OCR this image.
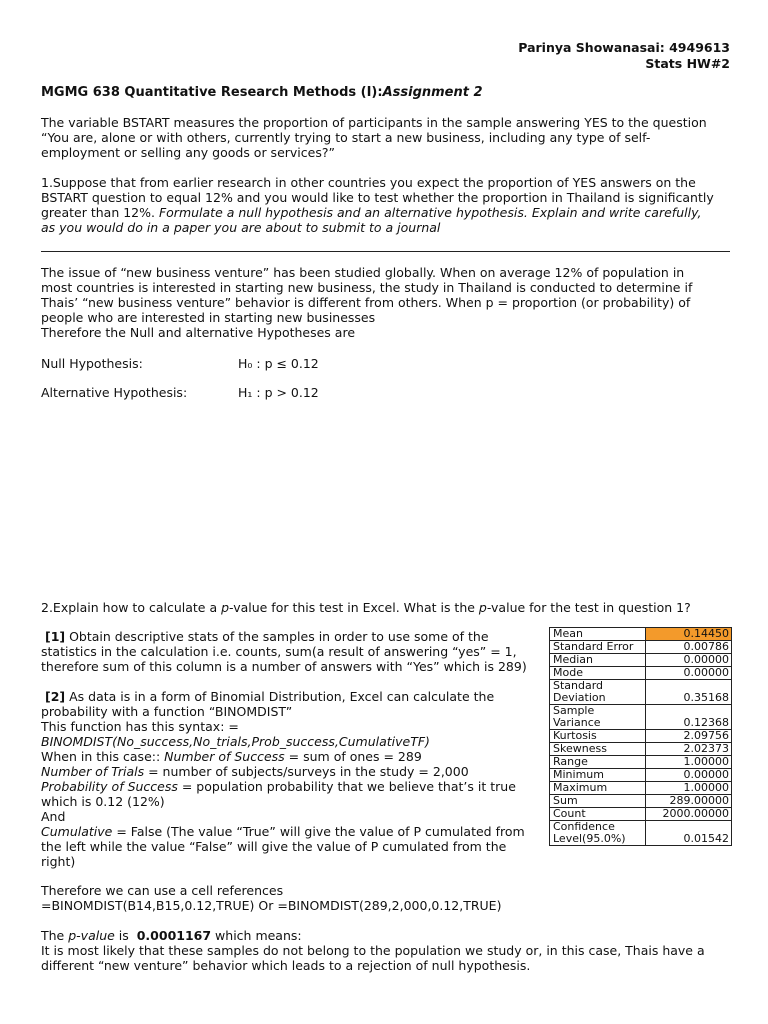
Parinya Showanasai: 4949613
Stats HW#2
MGMG 638 Quantitative Research Methods (I):Assignment 2
The variable BSTART measures the proportion of participants in the sample answering YES to the question
“You are, alone or with others, currently trying to start a new business, including any type of self-
employment or selling any goods or services?”
1.Suppose that from earlier research in other countries you expect the proportion of YES answers on the
BSTART question to equal 12% and you would like to test whether the proportion in Thailand is significantly
greater than 12%. Formulate a null hypothesis and an alternative hypothesis. Explain and write carefully,
as you would do in a paper you are about to submit to a journal
The issue of “new business venture” has been studied globally. When on average 12% of population in
most countries is interested in starting new business, the study in Thailand is conducted to determine if
Thais’ “new business venture” behavior is different from others. When p = proportion (or probability) of
people who are interested in starting new businesses
Therefore the Null and alternative Hypotheses are
Null Hypothesis:	H₀ : p ≤ 0.12
Alternative Hypothesis:	H₁ : p > 0.12
2.Explain how to calculate a p-value for this test in Excel. What is the p-value for the test in question 1?
[1] Obtain descriptive stats of the samples in order to use some of the
statistics in the calculation i.e. counts, sum(a result of answering “yes” = 1,
therefore sum of this column is a number of answers with “Yes” which is 289)
[2] As data is in a form of Binomial Distribution, Excel can calculate the
probability with a function “BINOMDIST”
This function has this syntax: =
BINOMDIST(No_success,No_trials,Prob_success,CumulativeTF)
When in this case:: Number of Success = sum of ones = 289
Number of Trials = number of subjects/surveys in the study = 2,000
Probability of Success = population probability that we believe that’s it true
which is 0.12 (12%)
And
Cumulative = False (The value “True” will give the value of P cumulated from
the left while the value “False” will give the value of P cumulated from the
right)
Therefore we can use a cell references
=BINOMDIST(B14,B15,0.12,TRUE) Or =BINOMDIST(289,2,000,0.12,TRUE)
The p-value is  0.0001167 which means:
It is most likely that these samples do not belong to the population we study or, in this case, Thais have a
different “new venture” behavior which leads to a rejection of null hypothesis.
Mean	0.14450
Standard Error	0.00786
Median	0.00000
Mode	0.00000

Standard
Deviation	0.35168

Sample
Variance	0.12368
Kurtosis	2.09756
Skewness	2.02373
Range	1.00000
Minimum	0.00000
Maximum	1.00000
Sum	289.00000
Count	2000.00000

Confidence
Level(95.0%)	0.01542
